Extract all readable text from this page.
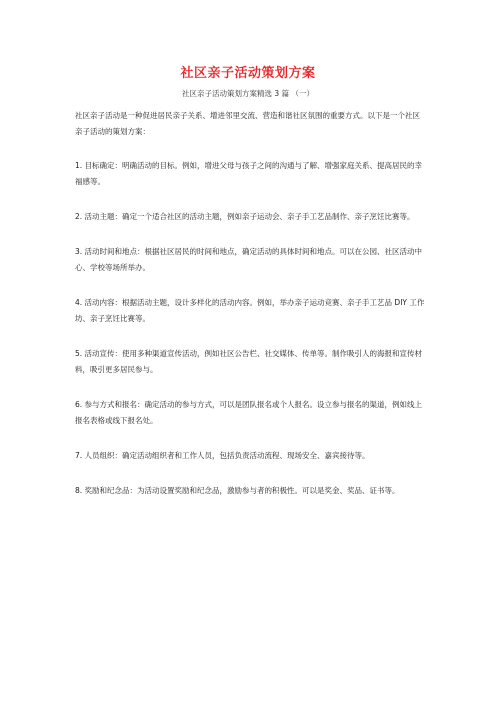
社区亲子活动策划方案
社区亲子活动策划方案精选 3 篇 （一）

社区亲子活动是一种促进居民亲子关系、增进邻里交流、营造和谐社区氛围的重要方式。以下是一个社区亲子活动的策划方案：

1. 目标确定：明确活动的目标。例如，增进父母与孩子之间的沟通与了解、增强家庭关系、提高居民的幸福感等。

2. 活动主题：确定一个适合社区的活动主题，例如亲子运动会、亲子手工艺品制作、亲子烹饪比赛等。

3. 活动时间和地点：根据社区居民的时间和地点，确定活动的具体时间和地点。可以在公园、社区活动中心、学校等场所举办。

4. 活动内容：根据活动主题，设计多样化的活动内容。例如，举办亲子运动竞赛、亲子手工艺品 DIY 工作坊、亲子烹饪比赛等。

5. 活动宣传：使用多种渠道宣传活动，例如社区公告栏、社交媒体、传单等。制作吸引人的海报和宣传材料，吸引更多居民参与。

6. 参与方式和报名：确定活动的参与方式，可以是团队报名或个人报名。设立参与报名的渠道，例如线上报名表格或线下报名处。

7. 人员组织：确定活动组织者和工作人员，包括负责活动流程、现场安全、嘉宾接待等。

8. 奖励和纪念品：为活动设置奖励和纪念品，激励参与者的积极性。可以是奖金、奖品、证书等。
